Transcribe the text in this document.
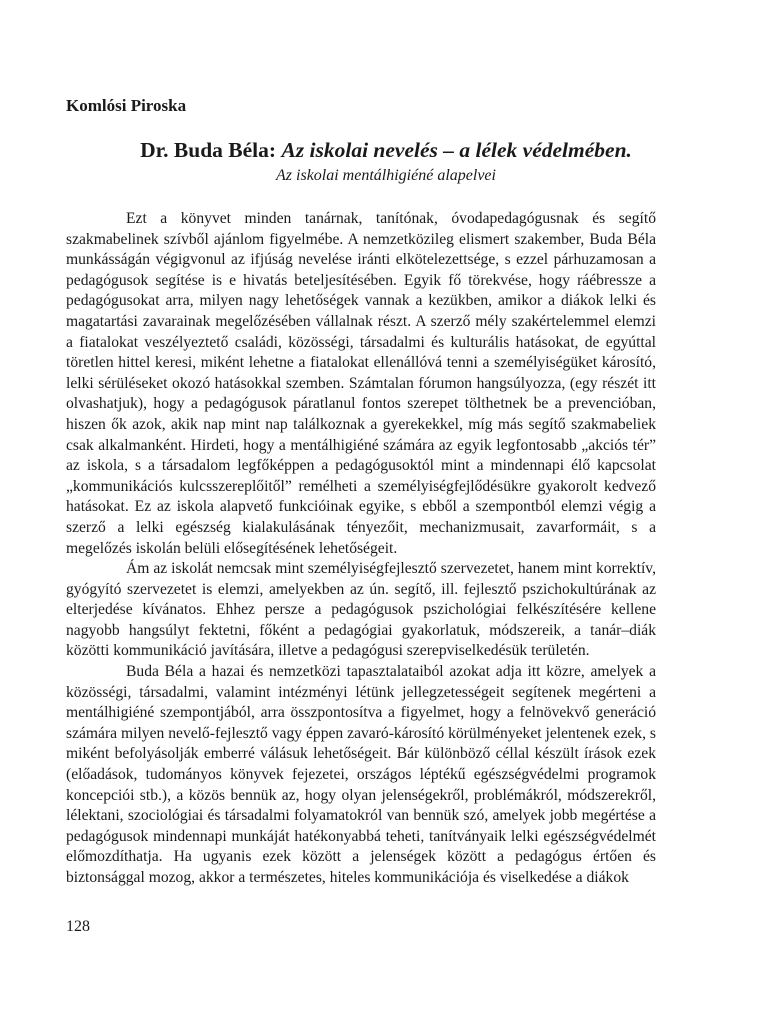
Komlósi Piroska

Dr. Buda Béla: Az iskolai nevelés – a lélek védelmében.

Az iskolai mentálhigiéné alapelvei

Ezt a könyvet minden tanárnak, tanítónak, óvodapedagógusnak és segítő szakmabelinek szívből ajánlom figyelmébe. A nemzetközileg elismert szakember, Buda Béla munkásságán végigvonul az ifjúság nevelése iránti elkötelezettsége, s ezzel párhuzamosan a pedagógusok segítése is e hivatás beteljesítésében. Egyik fő törekvése, hogy ráébressze a pedagógusokat arra, milyen nagy lehetőségek vannak a kezükben, amikor a diákok lelki és magatartási zavarainak megelőzésében vállalnak részt. A szerző mély szakértelemmel elemzi a fiatalokat veszélyeztető családi, közösségi, társadalmi és kulturális hatásokat, de egyúttal töretlen hittel keresi, miként lehetne a fiatalokat ellenállóvá tenni a személyiségüket károsító, lelki sérüléseket okozó hatásokkal szemben. Számtalan fórumon hangsúlyozza, (egy részét itt olvashatjuk), hogy a pedagógusok páratlanul fontos szerepet tölthetnek be a prevencióban, hiszen ők azok, akik nap mint nap találkoznak a gyerekekkel, míg más segítő szakmabeliek csak alkalmanként. Hirdeti, hogy a mentálhigiéné számára az egyik legfontosabb „akciós tér” az iskola, s a társadalom legfőképpen a pedagógusoktól mint a mindennapi élő kapcsolat „kommunikációs kulcsszereplőitől” remélheti a személyiségfejlődésükre gyakorolt kedvező hatásokat. Ez az iskola alapvető funkcióinak egyike, s ebből a szempontból elemzi végig a szerző a lelki egészség kialakulásának tényezőit, mechanizmusait, zavarformáit, s a megelőzés iskolán belüli elősegítésének lehetőségeit.

Ám az iskolát nemcsak mint személyiségfejlesztő szervezetet, hanem mint korrektív, gyógyító szervezetet is elemzi, amelyekben az ún. segítő, ill. fejlesztő pszichokultúrának az elterjedése kívánatos. Ehhez persze a pedagógusok pszichológiai felkészítésére kellene nagyobb hangsúlyt fektetni, főként a pedagógiai gyakorlatuk, módszereik, a tanár–diák közötti kommunikáció javítására, illetve a pedagógusi szerepviselkedésük területén.

Buda Béla a hazai és nemzetközi tapasztalataiból azokat adja itt közre, amelyek a közösségi, társadalmi, valamint intézményi létünk jellegzetességeit segítenek megérteni a mentálhigiéné szempontjából, arra összpontosítva a figyelmet, hogy a felnövekvő generáció számára milyen nevelő-fejlesztő vagy éppen zavaró-károsító körülményeket jelentenek ezek, s miként befolyásolják emberré válásuk lehetőségeit. Bár különböző céllal készült írások ezek (előadások, tudományos könyvek fejezetei, országos léptékű egészségvédelmi programok koncepciói stb.), a közös bennük az, hogy olyan jelenségekről, problémákról, módszerekről, lélektani, szociológiai és társadalmi folyamatokról van bennük szó, amelyek jobb megértése a pedagógusok mindennapi munkáját hatékonyabbá teheti, tanítványaik lelki egészségvédelmét előmozdíthatja. Ha ugyanis ezek között a jelenségek között a pedagógus értően és biztonsággal mozog, akkor a természetes, hiteles kommunikációja és viselkedése a diákok

128
